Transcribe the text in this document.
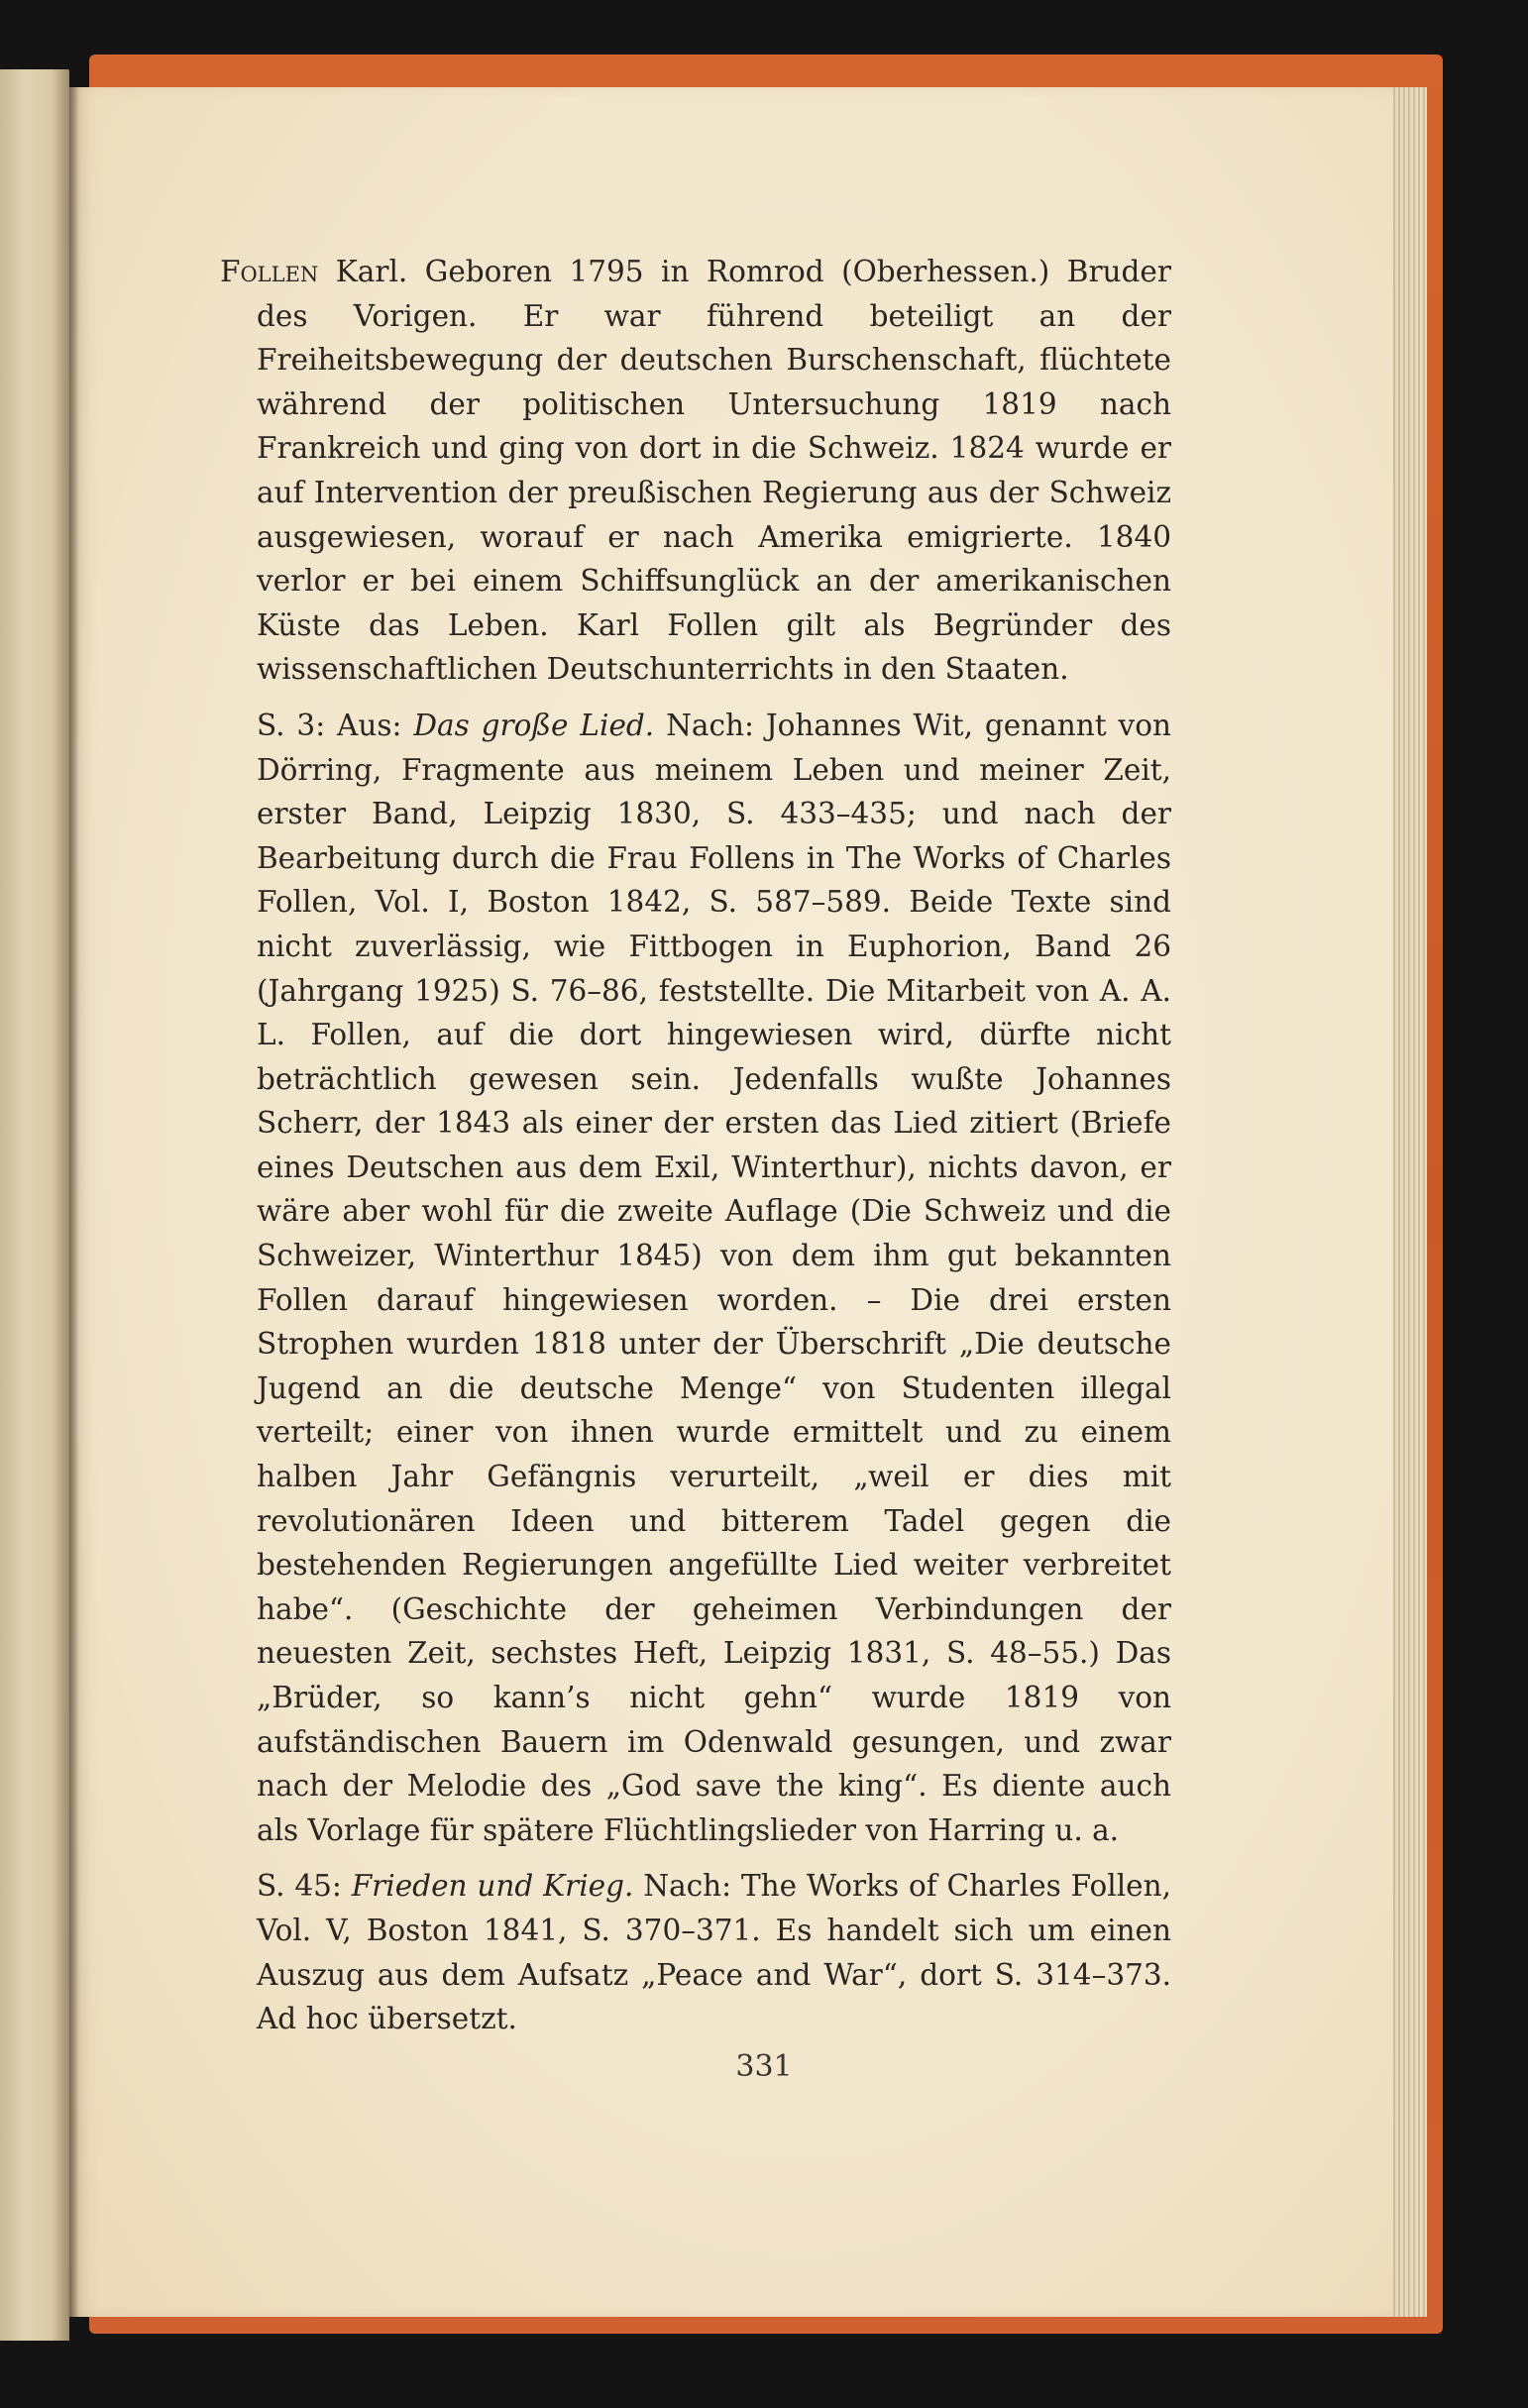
Follen Karl. Geboren 1795 in Romrod (Oberhessen.) Bruder des Vorigen. Er war führend beteiligt an der Freiheitsbewegung der deutschen Burschenschaft, flüchtete während der politischen Untersuchung 1819 nach Frankreich und ging von dort in die Schweiz. 1824 wurde er auf Intervention der preußischen Regierung aus der Schweiz ausgewiesen, worauf er nach Amerika emigrierte. 1840 verlor er bei einem Schiffsunglück an der amerikanischen Küste das Leben. Karl Follen gilt als Begründer des wissenschaftlichen Deutschunterrichts in den Staaten.

S. 3: Aus: Das große Lied. Nach: Johannes Wit, genannt von Dörring, Fragmente aus meinem Leben und meiner Zeit, erster Band, Leipzig 1830, S. 433–435; und nach der Bearbeitung durch die Frau Follens in The Works of Charles Follen, Vol. I, Boston 1842, S. 587–589. Beide Texte sind nicht zuverlässig, wie Fittbogen in Euphorion, Band 26 (Jahrgang 1925) S. 76–86, feststellte. Die Mitarbeit von A. A. L. Follen, auf die dort hingewiesen wird, dürfte nicht beträchtlich gewesen sein. Jedenfalls wußte Johannes Scherr, der 1843 als einer der ersten das Lied zitiert (Briefe eines Deutschen aus dem Exil, Winterthur), nichts davon, er wäre aber wohl für die zweite Auflage (Die Schweiz und die Schweizer, Winterthur 1845) von dem ihm gut bekannten Follen darauf hingewiesen worden. – Die drei ersten Strophen wurden 1818 unter der Überschrift „Die deutsche Jugend an die deutsche Menge“ von Studenten illegal verteilt; einer von ihnen wurde ermittelt und zu einem halben Jahr Gefängnis verurteilt, „weil er dies mit revolutionären Ideen und bitterem Tadel gegen die bestehenden Regierungen angefüllte Lied weiter verbreitet habe“. (Geschichte der geheimen Verbindungen der neuesten Zeit, sechstes Heft, Leipzig 1831, S. 48–55.) Das „Brüder, so kann’s nicht gehn“ wurde 1819 von aufständischen Bauern im Odenwald gesungen, und zwar nach der Melodie des „God save the king“. Es diente auch als Vorlage für spätere Flüchtlingslieder von Harring u. a.

S. 45: Frieden und Krieg. Nach: The Works of Charles Follen, Vol. V, Boston 1841, S. 370–371. Es handelt sich um einen Auszug aus dem Aufsatz „Peace and War“, dort S. 314–373. Ad hoc übersetzt.

331
